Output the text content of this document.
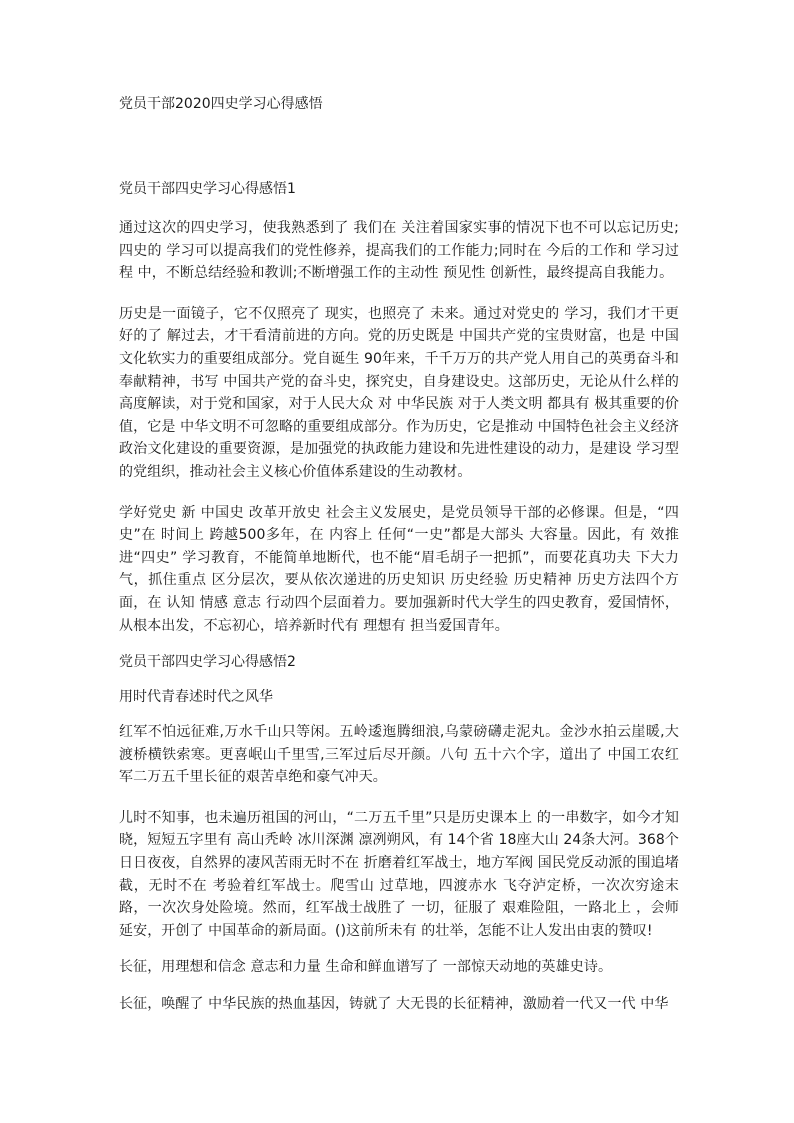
党员干部2020四史学习心得感悟
党员干部四史学习心得感悟1

通过这次的四史学习，使我熟悉到了 我们在 关注着国家实事的情况下也不可以忘记历史;四史的 学习可以提高我们的党性修养，提高我们的工作能力;同时在 今后的工作和 学习过程 中，不断总结经验和教训;不断增强工作的主动性 预见性 创新性，最终提高自我能力。

历史是一面镜子，它不仅照亮了 现实，也照亮了 未来。通过对党史的 学习，我们才干更好的了 解过去，才干看清前进的方向。党的历史既是 中国共产党的宝贵财富，也是 中国文化软实力的重要组成部分。党自诞生 90年来，千千万万的共产党人用自己的英勇奋斗和奉献精神，书写 中国共产党的奋斗史，探究史，自身建设史。这部历史，无论从什么样的高度解读，对于党和国家，对于人民大众 对 中华民族 对于人类文明 都具有 极其重要的价值，它是 中华文明不可忽略的重要组成部分。作为历史，它是推动 中国特色社会主义经济政治文化建设的重要资源，是加强党的执政能力建设和先进性建设的动力，是建设 学习型的党组织，推动社会主义核心价值体系建设的生动教材。

学好党史 新 中国史 改革开放史 社会主义发展史，是党员领导干部的必修课。但是，“四史”在 时间上 跨越500多年，在 内容上 任何“一史”都是大部头 大容量。因此，有 效推进“四史” 学习教育，不能简单地断代，也不能“眉毛胡子一把抓”，而要花真功夫 下大力气，抓住重点 区分层次，要从依次递进的历史知识 历史经验 历史精神 历史方法四个方面，在 认知 情感 意志 行动四个层面着力。要加强新时代大学生的四史教育，爱国情怀，从根本出发，不忘初心，培养新时代有 理想有 担当爱国青年。

党员干部四史学习心得感悟2
用时代青春述时代之风华

红军不怕远征难,万水千山只等闲。五岭逶迤腾细浪,乌蒙磅礴走泥丸。金沙水拍云崖暖,大渡桥横铁索寒。更喜岷山千里雪,三军过后尽开颜。八句 五十六个字，道出了 中国工农红军二万五千里长征的艰苦卓绝和豪气冲天。

儿时不知事，也未遍历祖国的河山，“二万五千里”只是历史课本上 的一串数字，如今才知晓，短短五字里有 高山秃岭 冰川深渊 凛冽朔风，有 14个省 18座大山 24条大河。368个日日夜夜，自然界的凄风苦雨无时不在 折磨着红军战士，地方军阀 国民党反动派的围追堵截，无时不在 考验着红军战士。爬雪山 过草地，四渡赤水 飞夺泸定桥，一次次穷途末路，一次次身处险境。然而，红军战士战胜了 一切，征服了 艰难险阻，一路北上 ，会师延安，开创了 中国革命的新局面。()这前所未有 的壮举，怎能不让人发出由衷的赞叹!

长征，用理想和信念 意志和力量 生命和鲜血谱写了 一部惊天动地的英雄史诗。

长征，唤醒了 中华民族的热血基因，铸就了 大无畏的长征精神，激励着一代又一代 中华
